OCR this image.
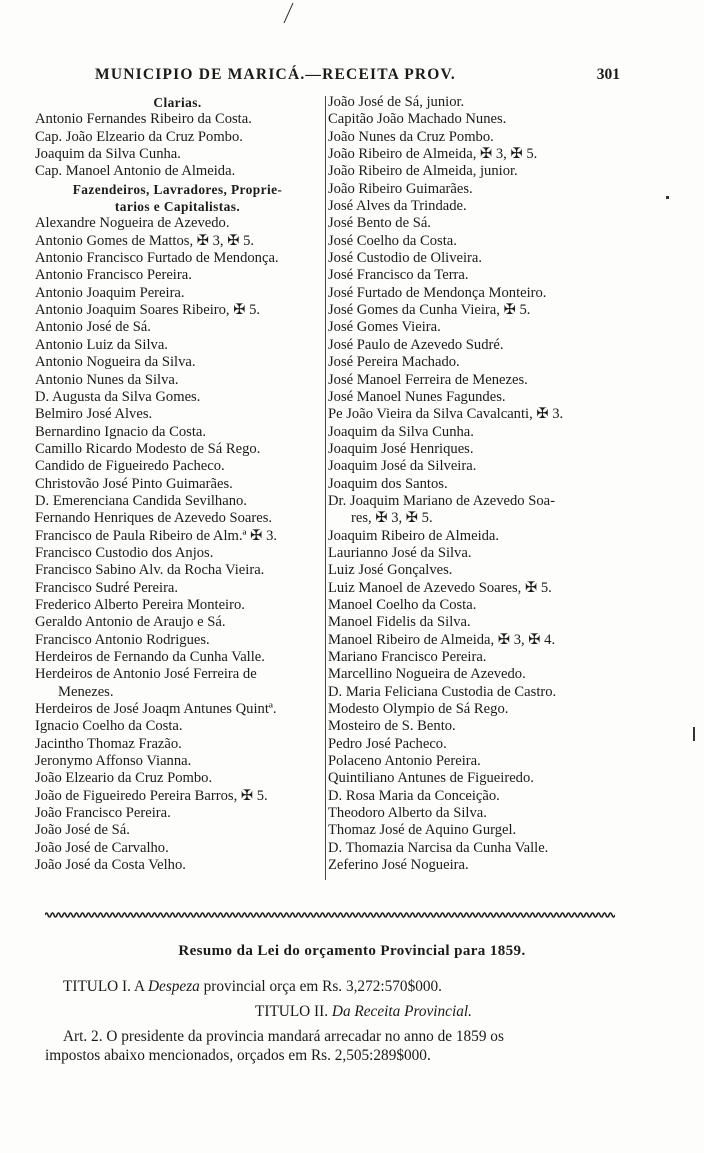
MUNICIPIO DE MARICÁ.—RECEITA PROV.	301
Clarias.
Antonio Fernandes Ribeiro da Costa.
Cap. João Elzeario da Cruz Pombo.
Joaquim da Silva Cunha.
Cap. Manoel Antonio de Almeida.
Fazendeiros, Lavradores, Proprie-
tarios e Capitalistas.
Alexandre Nogueira de Azevedo.
Antonio Gomes de Mattos, ✠ 3, ✠ 5.
Antonio Francisco Furtado de Mendonça.
Antonio Francisco Pereira.
Antonio Joaquim Pereira.
Antonio Joaquim Soares Ribeiro, ✠ 5.
Antonio José de Sá.
Antonio Luiz da Silva.
Antonio Nogueira da Silva.
Antonio Nunes da Silva.
D. Augusta da Silva Gomes.
Belmiro José Alves.
Bernardino Ignacio da Costa.
Camillo Ricardo Modesto de Sá Rego.
Candido de Figueiredo Pacheco.
Christovão José Pinto Guimarães.
D. Emerenciana Candida Sevilhano.
Fernando Henriques de Azevedo Soares.
Francisco de Paula Ribeiro de Alm.ª ✠ 3.
Francisco Custodio dos Anjos.
Francisco Sabino Alv. da Rocha Vieira.
Francisco Sudré Pereira.
Frederico Alberto Pereira Monteiro.
Geraldo Antonio de Araujo e Sá.
Francisco Antonio Rodrigues.
Herdeiros de Fernando da Cunha Valle.
Herdeiros de Antonio José Ferreira de
Menezes.
Herdeiros de José Joaqm Antunes Quintª.
Ignacio Coelho da Costa.
Jacintho Thomaz Frazão.
Jeronymo Affonso Vianna.
João Elzeario da Cruz Pombo.
João de Figueiredo Pereira Barros, ✠ 5.
João Francisco Pereira.
João José de Sá.
João José de Carvalho.
João José da Costa Velho.
João José de Sá, junior.
Capitão João Machado Nunes.
João Nunes da Cruz Pombo.
João Ribeiro de Almeida, ✠ 3, ✠ 5.
João Ribeiro de Almeida, junior.
João Ribeiro Guimarães.
José Alves da Trindade.
José Bento de Sá.
José Coelho da Costa.
José Custodio de Oliveira.
José Francisco da Terra.
José Furtado de Mendonça Monteiro.
José Gomes da Cunha Vieira, ✠ 5.
José Gomes Vieira.
José Paulo de Azevedo Sudré.
José Pereira Machado.
José Manoel Ferreira de Menezes.
José Manoel Nunes Fagundes.
Pe João Vieira da Silva Cavalcanti, ✠ 3.
Joaquim da Silva Cunha.
Joaquim José Henriques.
Joaquim José da Silveira.
Joaquim dos Santos.
Dr. Joaquim Mariano de Azevedo Soa-
res, ✠ 3, ✠ 5.
Joaquim Ribeiro de Almeida.
Laurianno José da Silva.
Luiz José Gonçalves.
Luiz Manoel de Azevedo Soares, ✠ 5.
Manoel Coelho da Costa.
Manoel Fidelis da Silva.
Manoel Ribeiro de Almeida, ✠ 3, ✠ 4.
Mariano Francisco Pereira.
Marcellino Nogueira de Azevedo.
D. Maria Feliciana Custodia de Castro.
Modesto Olympio de Sá Rego.
Mosteiro de S. Bento.
Pedro José Pacheco.
Polaceno Antonio Pereira.
Quintiliano Antunes de Figueiredo.
D. Rosa Maria da Conceição.
Theodoro Alberto da Silva.
Thomaz José de Aquino Gurgel.
D. Thomazia Narcisa da Cunha Valle.
Zeferino José Nogueira.
Resumo da Lei do orçamento Provincial para 1859.
TITULO I. A Despeza provincial orça em Rs. 3,272:570$000.
TITULO II. Da Receita Provincial.
Art. 2. O presidente da provincia mandará arrecadar no anno de 1859 os
impostos abaixo mencionados, orçados em Rs. 2,505:289$000.
